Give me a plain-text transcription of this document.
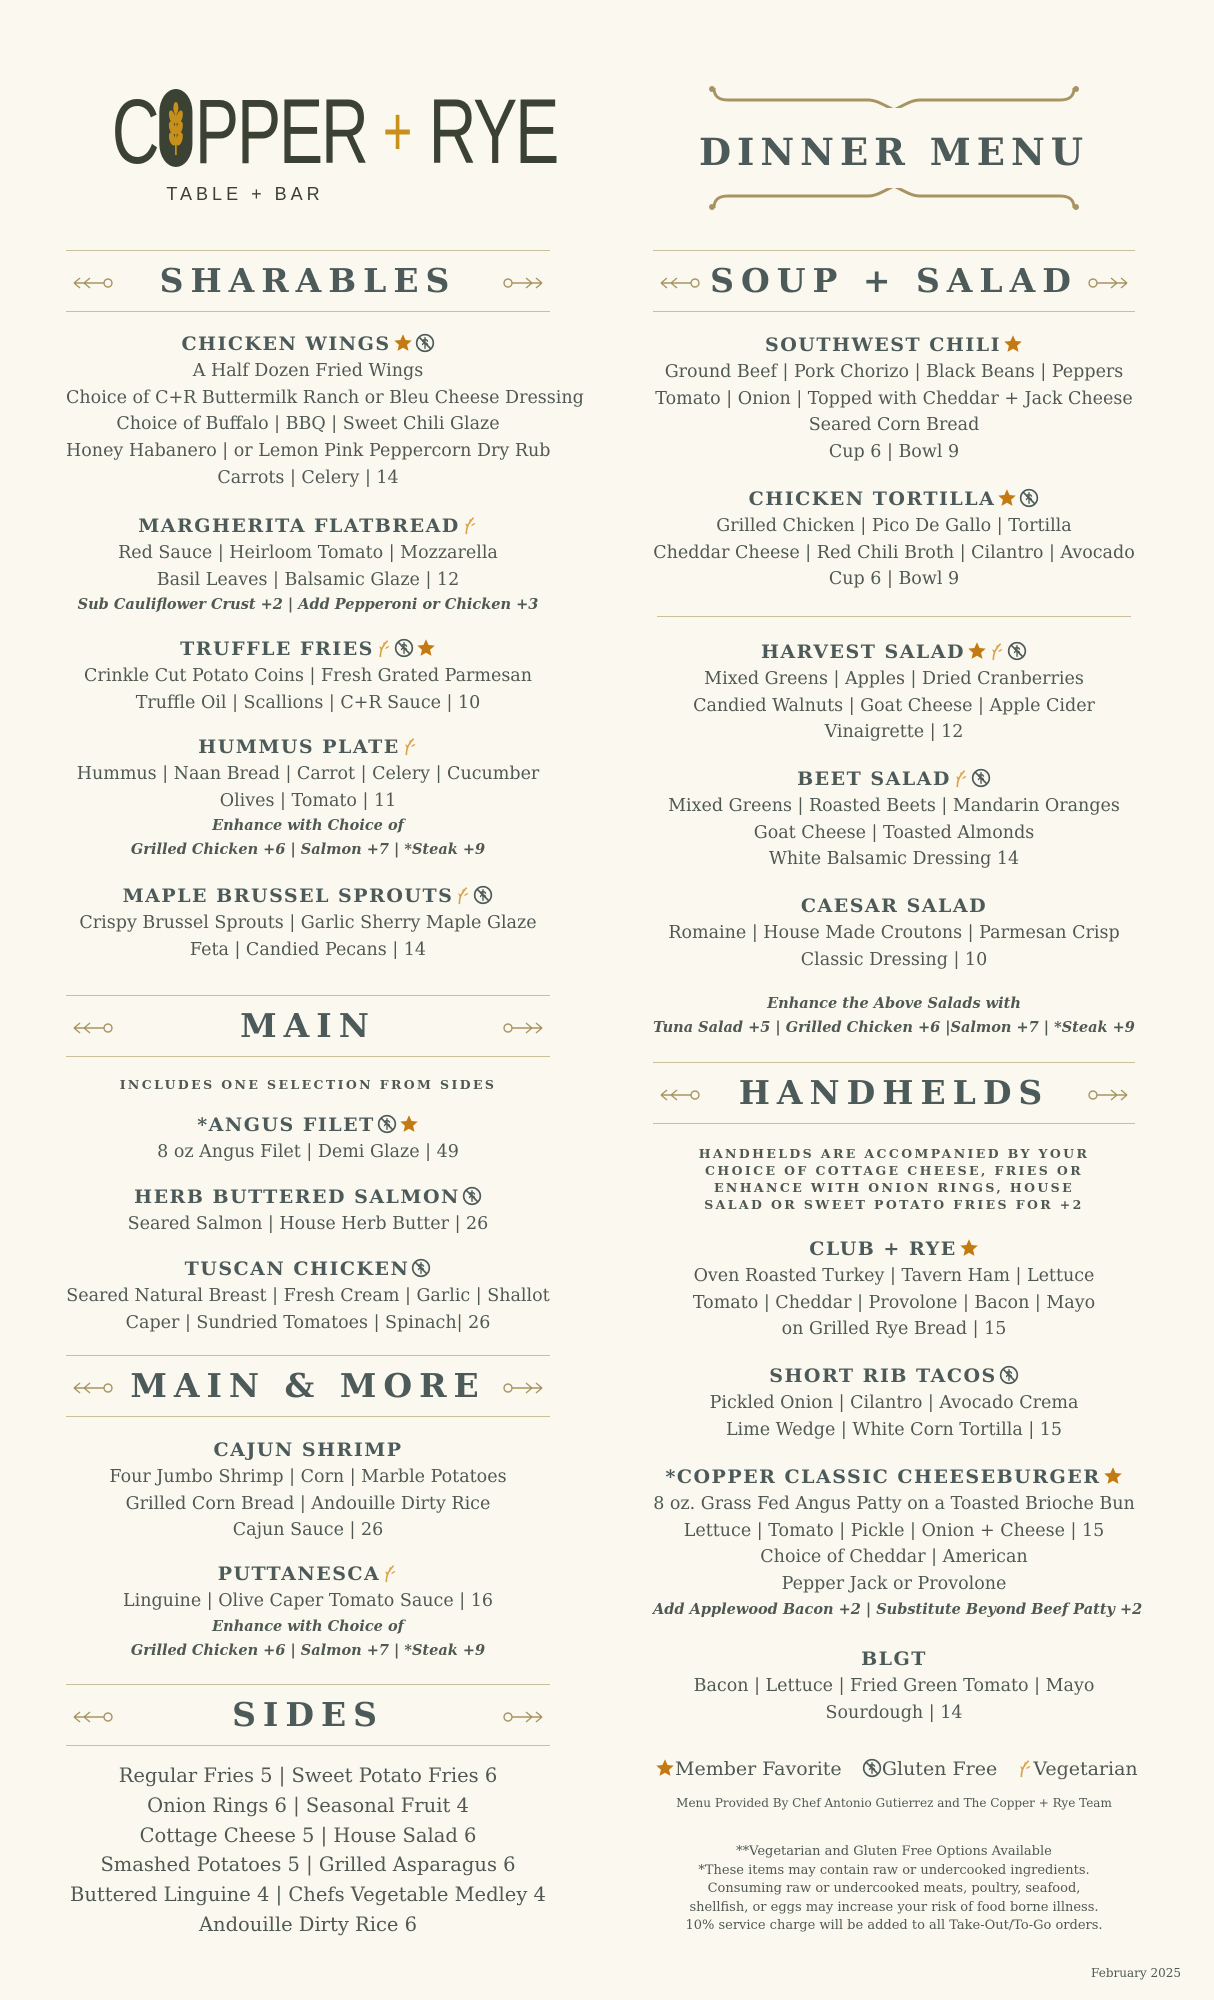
C PPER + RYE
TABLE + BAR
SHARABLES
CHICKEN WINGS
A Half Dozen Fried Wings
Choice of C+R Buttermilk Ranch or Bleu Cheese Dressing
Choice of Buffalo | BBQ | Sweet Chili Glaze
Honey Habanero | or Lemon Pink Peppercorn Dry Rub
Carrots | Celery | 14
MARGHERITA FLATBREAD
Red Sauce | Heirloom Tomato | Mozzarella
Basil Leaves | Balsamic Glaze | 12
Sub Cauliflower Crust +2 | Add Pepperoni or Chicken +3
TRUFFLE FRIES
Crinkle Cut Potato Coins | Fresh Grated Parmesan
Truffle Oil | Scallions | C+R Sauce | 10
HUMMUS PLATE
Hummus | Naan Bread | Carrot | Celery | Cucumber
Olives | Tomato | 11
Enhance with Choice of
Grilled Chicken +6 | Salmon +7 | *Steak +9
MAPLE BRUSSEL SPROUTS
Crispy Brussel Sprouts | Garlic Sherry Maple Glaze
Feta | Candied Pecans | 14
MAIN
INCLUDES ONE SELECTION FROM SIDES
*ANGUS FILET
8 oz Angus Filet | Demi Glaze | 49
HERB BUTTERED SALMON
Seared Salmon | House Herb Butter | 26
TUSCAN CHICKEN
Seared Natural Breast | Fresh Cream | Garlic | Shallot
Caper | Sundried Tomatoes | Spinach| 26
MAIN & MORE
CAJUN SHRIMP
Four Jumbo Shrimp | Corn | Marble Potatoes
Grilled Corn Bread | Andouille Dirty Rice
Cajun Sauce | 26
PUTTANESCA
Linguine | Olive Caper Tomato Sauce | 16
Enhance with Choice of
Grilled Chicken +6 | Salmon +7 | *Steak +9
SIDES
Regular Fries 5 | Sweet Potato Fries 6
Onion Rings 6 | Seasonal Fruit 4
Cottage Cheese 5 | House Salad 6
Smashed Potatoes 5 | Grilled Asparagus 6
Buttered Linguine 4 | Chefs Vegetable Medley 4
Andouille Dirty Rice 6
DINNER MENU
SOUP + SALAD
SOUTHWEST CHILI
Ground Beef | Pork Chorizo | Black Beans | Peppers
Tomato | Onion | Topped with Cheddar + Jack Cheese
Seared Corn Bread
Cup 6 | Bowl 9
CHICKEN TORTILLA
Grilled Chicken | Pico De Gallo | Tortilla
Cheddar Cheese | Red Chili Broth | Cilantro | Avocado
Cup 6 | Bowl 9
HARVEST SALAD
Mixed Greens | Apples | Dried Cranberries
Candied Walnuts | Goat Cheese | Apple Cider
Vinaigrette | 12
BEET SALAD
Mixed Greens | Roasted Beets | Mandarin Oranges
Goat Cheese | Toasted Almonds
White Balsamic Dressing 14
CAESAR SALAD
Romaine | House Made Croutons | Parmesan Crisp
Classic Dressing | 10
Enhance the Above Salads with
Tuna Salad +5 | Grilled Chicken +6 |Salmon +7 | *Steak +9
HANDHELDS
HANDHELDS ARE ACCOMPANIED BY YOUR
CHOICE OF COTTAGE CHEESE, FRIES OR
ENHANCE WITH ONION RINGS, HOUSE
SALAD OR SWEET POTATO FRIES FOR +2
CLUB + RYE
Oven Roasted Turkey | Tavern Ham | Lettuce
Tomato | Cheddar | Provolone | Bacon | Mayo
on Grilled Rye Bread | 15
SHORT RIB TACOS
Pickled Onion | Cilantro | Avocado Crema
Lime Wedge | White Corn Tortilla | 15
*COPPER CLASSIC CHEESEBURGER
8 oz. Grass Fed Angus Patty on a Toasted Brioche Bun
Lettuce | Tomato | Pickle | Onion + Cheese | 15
Choice of Cheddar | American
Pepper Jack or Provolone
Add Applewood Bacon +2 | Substitute Beyond Beef Patty +2
BLGT
Bacon | Lettuce | Fried Green Tomato | Mayo
Sourdough | 14
Member Favorite Gluten Free Vegetarian
Menu Provided By Chef Antonio Gutierrez and The Copper + Rye Team
**Vegetarian and Gluten Free Options Available
*These items may contain raw or undercooked ingredients.
Consuming raw or undercooked meats, poultry, seafood,
shellfish, or eggs may increase your risk of food borne illness.
10% service charge will be added to all Take-Out/To-Go orders.
February 2025
